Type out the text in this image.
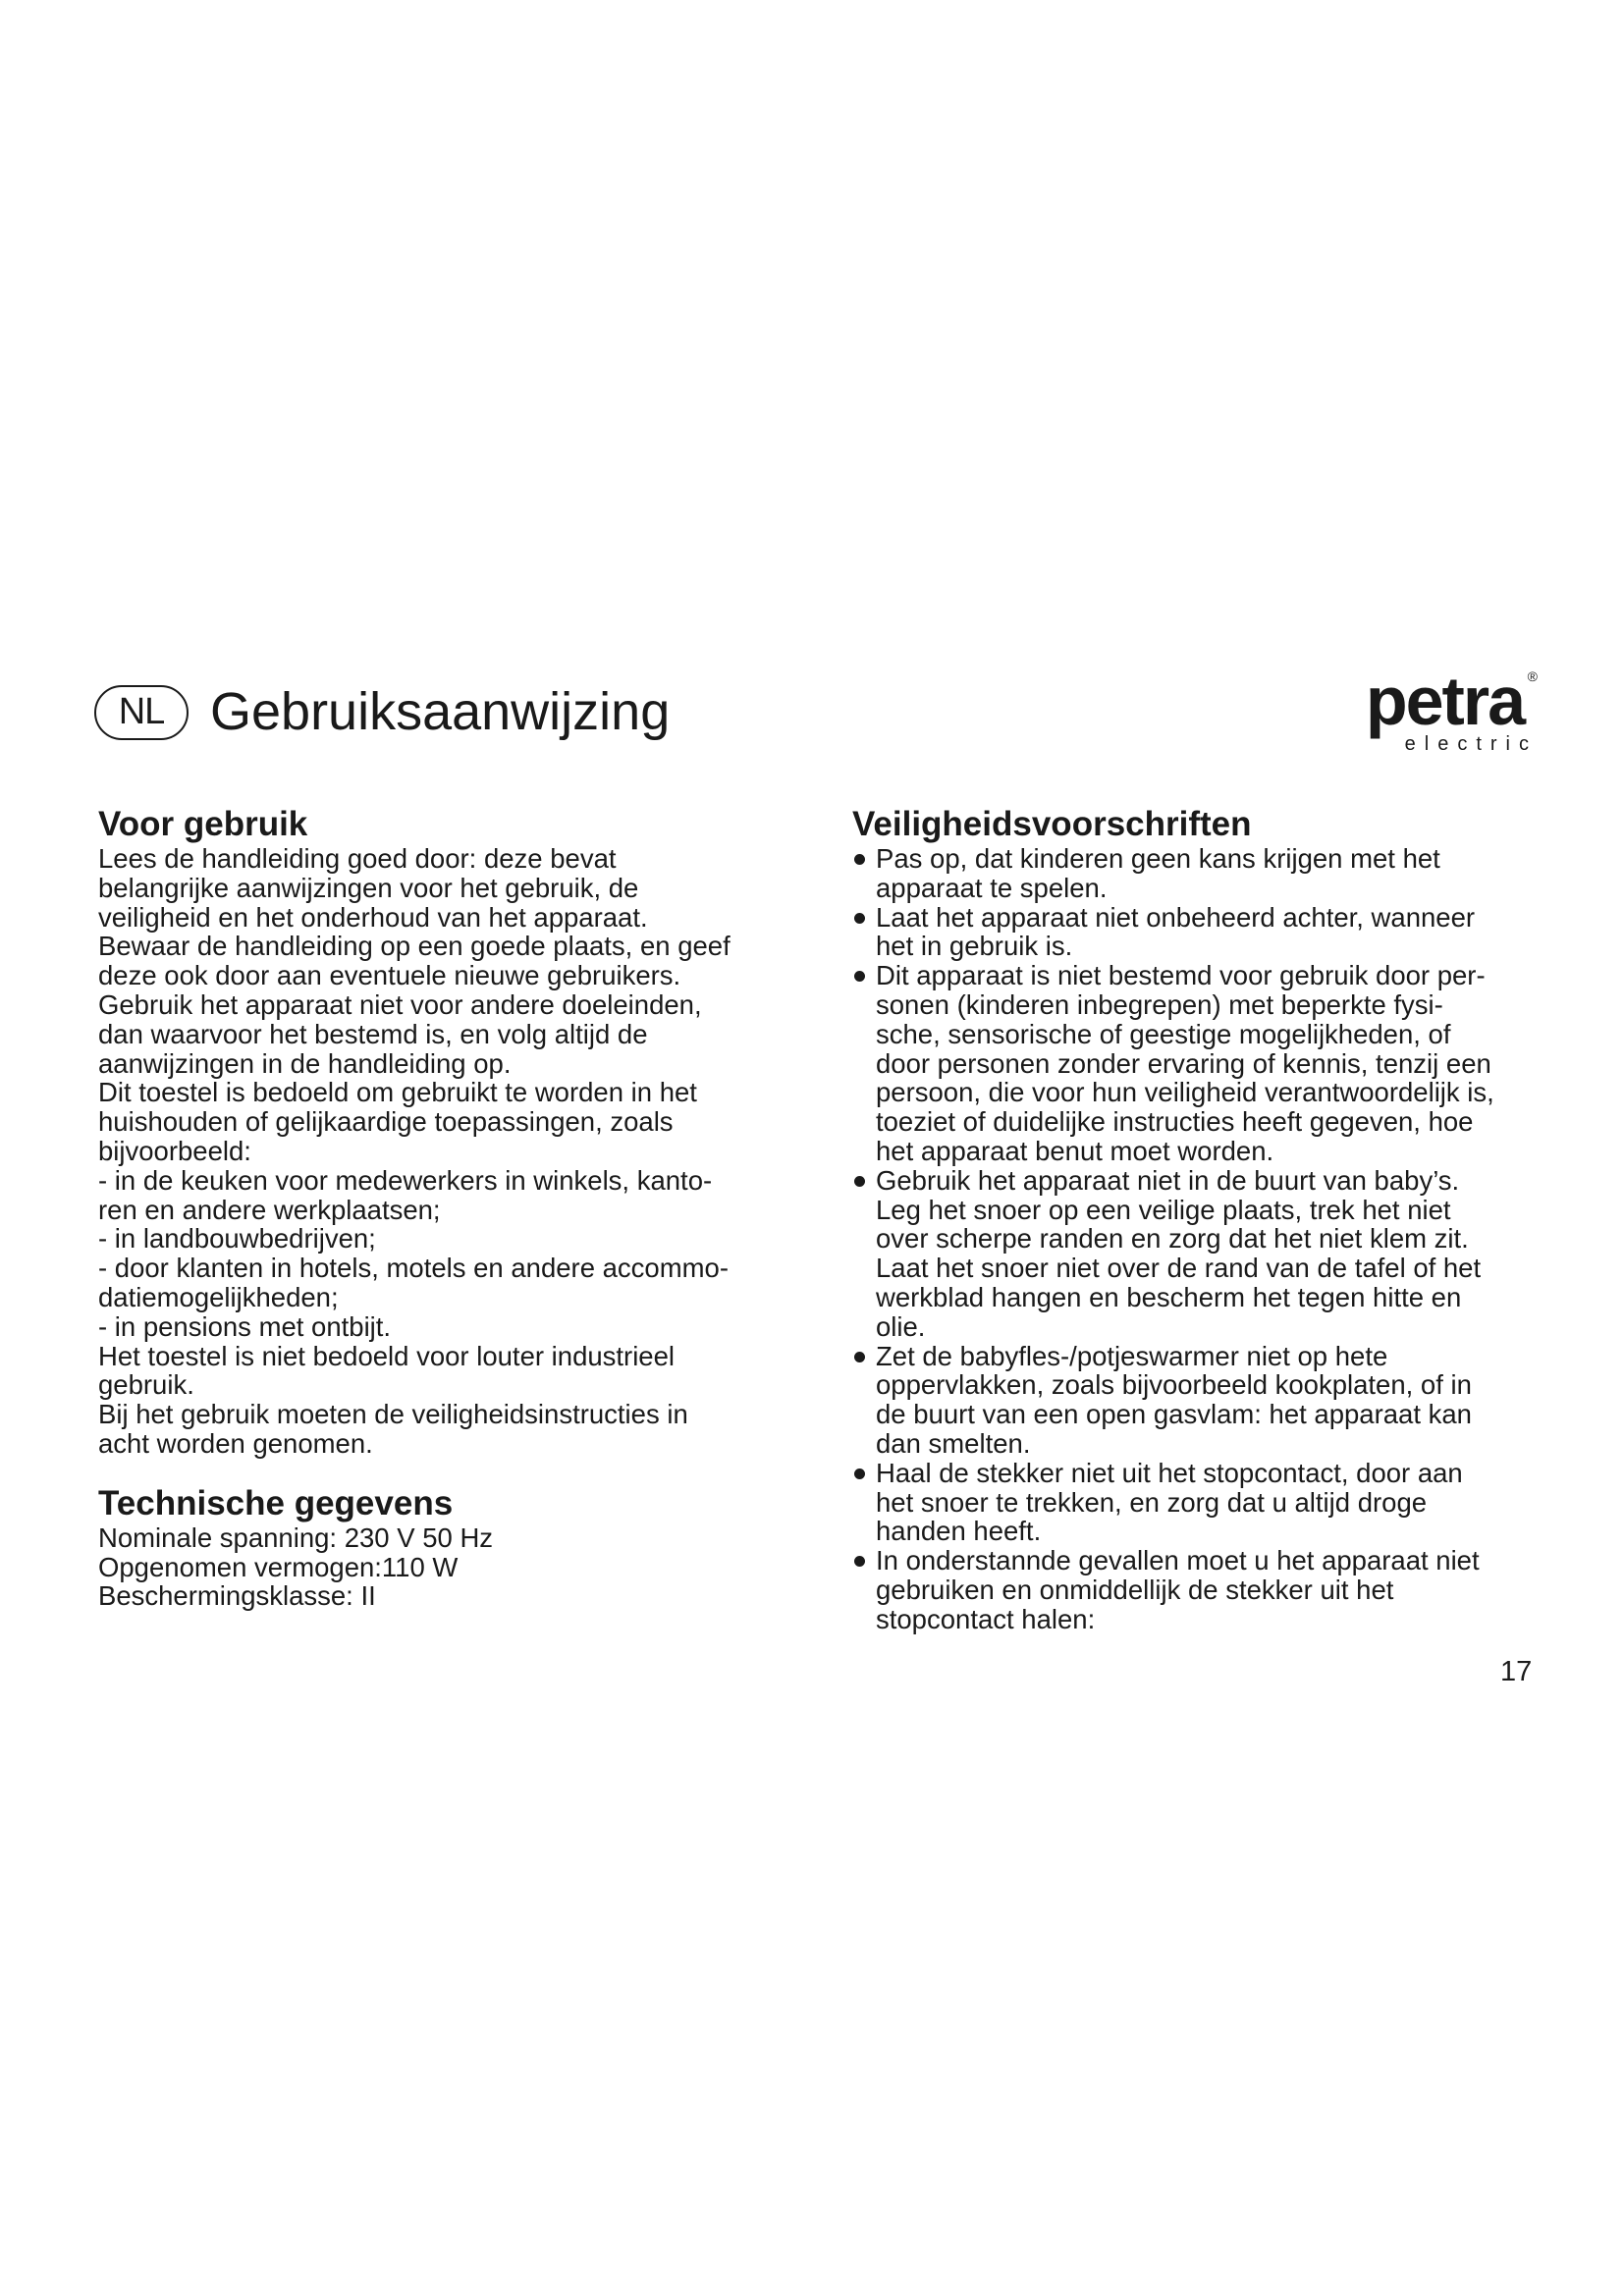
NL Gebruiksaanwijzing	petra ®
electric
Voor gebruik

Lees de handleiding goed door: deze bevat
belangrijke aanwijzingen voor het gebruik, de
veiligheid en het onderhoud van het apparaat.
Bewaar de handleiding op een goede plaats, en geef
deze ook door aan eventuele nieuwe gebruikers.
Gebruik het apparaat niet voor andere doeleinden,
dan waarvoor het bestemd is, en volg altijd de
aanwijzingen in de handleiding op.
Dit toestel is bedoeld om gebruikt te worden in het
huishouden of gelijkaardige toepassingen, zoals
bijvoorbeeld:
- in de keuken voor medewerkers in winkels, kanto-
ren en andere werkplaatsen;
- in landbouwbedrijven;
- door klanten in hotels, motels en andere accommo-
datiemogelijkheden;
- in pensions met ontbijt.
Het toestel is niet bedoeld voor louter industrieel
gebruik.
Bij het gebruik moeten de veiligheidsinstructies in
acht worden genomen.

Technische gegevens
Nominale spanning: 230 V 50 Hz
Opgenomen vermogen:110 W
Beschermingsklasse: II
Veiligheidsvoorschriften
Pas op, dat kinderen geen kans krijgen met het
apparaat te spelen.
Laat het apparaat niet onbeheerd achter, wanneer
het in gebruik is.
Dit apparaat is niet bestemd voor gebruik door per-
sonen (kinderen inbegrepen) met beperkte fysi-
sche, sensorische of geestige mogelijkheden, of
door personen zonder ervaring of kennis, tenzij een
persoon, die voor hun veiligheid verantwoordelijk is,
toeziet of duidelijke instructies heeft gegeven, hoe
het apparaat benut moet worden.
Gebruik het apparaat niet in de buurt van baby’s.
Leg het snoer op een veilige plaats, trek het niet
over scherpe randen en zorg dat het niet klem zit.
Laat het snoer niet over de rand van de tafel of het
werkblad hangen en bescherm het tegen hitte en
olie.
Zet de babyfles-/potjeswarmer niet op hete
oppervlakken, zoals bijvoorbeeld kookplaten, of in
de buurt van een open gasvlam: het apparaat kan
dan smelten.
Haal de stekker niet uit het stopcontact, door aan
het snoer te trekken, en zorg dat u altijd droge
handen heeft.
In onderstannde gevallen moet u het apparaat niet
gebruiken en onmiddellijk de stekker uit het
stopcontact halen:
17
